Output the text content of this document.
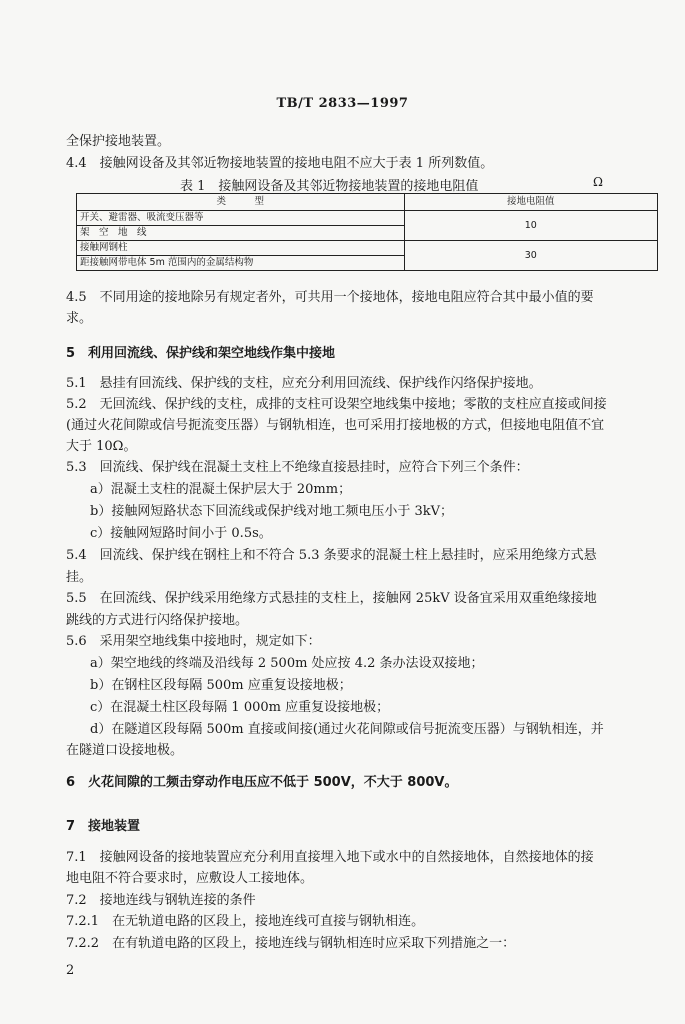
TB/T 2833—1997
全保护接地装置。
4.4　接触网设备及其邻近物接地装置的接地电阻不应大于表 1 所列数值。
表 1　接触网设备及其邻近物接地装置的接地电阻值	Ω
类　　　型	接地电阻值
开关、避雷器、吸流变压器等	10
架　空　地　线	
接触网钢柱	30
距接触网带电体 5m 范围内的金属结构物	
4.5　不同用途的接地除另有规定者外，可共用一个接地体，接地电阻应符合其中最小值的要
求。
5　利用回流线、保护线和架空地线作集中接地
5.1　悬挂有回流线、保护线的支柱，应充分利用回流线、保护线作闪络保护接地。
5.2　无回流线、保护线的支柱，成排的支柱可设架空地线集中接地；零散的支柱应直接或间接
(通过火花间隙或信号扼流变压器）与钢轨相连，也可采用打接地极的方式，但接地电阻值不宜
大于 10Ω。
5.3　回流线、保护线在混凝土支柱上不绝缘直接悬挂时，应符合下列三个条件：
a）混凝土支柱的混凝土保护层大于 20mm；
b）接触网短路状态下回流线或保护线对地工频电压小于 3kV；
c）接触网短路时间小于 0.5s。
5.4　回流线、保护线在钢柱上和不符合 5.3 条要求的混凝土柱上悬挂时，应采用绝缘方式悬
挂。
5.5　在回流线、保护线采用绝缘方式悬挂的支柱上，接触网 25kV 设备宜采用双重绝缘接地
跳线的方式进行闪络保护接地。
5.6　采用架空地线集中接地时，规定如下：
a）架空地线的终端及沿线每 2 500m 处应按 4.2 条办法设双接地；
b）在钢柱区段每隔 500m 应重复设接地极；
c）在混凝土柱区段每隔 1 000m 应重复设接地极；
d）在隧道区段每隔 500m 直接或间接(通过火花间隙或信号扼流变压器）与钢轨相连，并
在隧道口设接地极。
6　火花间隙的工频击穿动作电压应不低于 500V，不大于 800V。
7　接地装置
7.1　接触网设备的接地装置应充分利用直接埋入地下或水中的自然接地体，自然接地体的接
地电阻不符合要求时，应敷设人工接地体。
7.2　接地连线与钢轨连接的条件
7.2.1　在无轨道电路的区段上，接地连线可直接与钢轨相连。
7.2.2　在有轨道电路的区段上，接地连线与钢轨相连时应采取下列措施之一：
2
